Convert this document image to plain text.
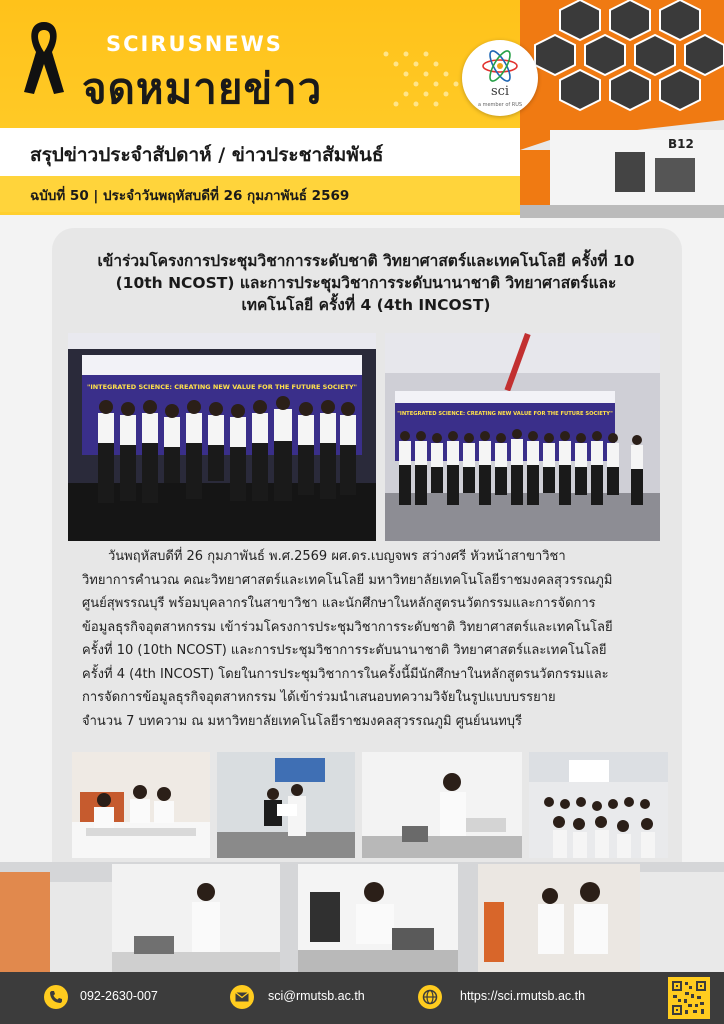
SCIRUSNEWS
จดหมายข่าว
สรุปข่าวประจำสัปดาห์ / ข่าวประชาสัมพันธ์
ฉบับที่ 50 | ประจำวันพฤหัสบดีที่ 26 กุมภาพันธ์ 2569
B12
sci
a member of RUS
เข้าร่วมโครงการประชุมวิชาการระดับชาติ วิทยาศาสตร์และเทคโนโลยี ครั้งที่ 10
(10th NCOST) และการประชุมวิชาการระดับนานาชาติ วิทยาศาสตร์และ
เทคโนโลยี ครั้งที่ 4 (4th INCOST)
"INTEGRATED SCIENCE: CREATING NEW VALUE FOR THE FUTURE SOCIETY"
"INTEGRATED SCIENCE: CREATING NEW VALUE FOR THE FUTURE SOCIETY"

วันพฤหัสบดีที่ 26 กุมภาพันธ์ พ.ศ.2569 ผศ.ดร.เบญจพร สว่างศรี หัวหน้าสาขาวิชา

วิทยาการคำนวณ คณะวิทยาศาสตร์และเทคโนโลยี มหาวิทยาลัยเทคโนโลยีราชมงคลสุวรรณภูมิ
ศูนย์สุพรรณบุรี พร้อมบุคลากรในสาขาวิชา และนักศึกษาในหลักสูตรนวัตกรรมและการจัดการ
ข้อมูลธุรกิจอุตสาหกรรม เข้าร่วมโครงการประชุมวิชาการระดับชาติ วิทยาศาสตร์และเทคโนโลยี
ครั้งที่ 10 (10th NCOST) และการประชุมวิชาการระดับนานาชาติ วิทยาศาสตร์และเทคโนโลยี
ครั้งที่ 4 (4th INCOST) โดยในการประชุมวิชาการในครั้งนี้มีนักศึกษาในหลักสูตรนวัตกรรมและ
การจัดการข้อมูลธุรกิจอุตสาหกรรม ได้เข้าร่วมนำเสนอบทความวิจัยในรูปแบบบรรยาย
จำนวน 7 บทความ ณ มหาวิทยาลัยเทคโนโลยีราชมงคลสุวรรณภูมิ ศูนย์นนทบุรี
092-2630-007	sci@rmutsb.ac.th	https://sci.rmutsb.ac.th
